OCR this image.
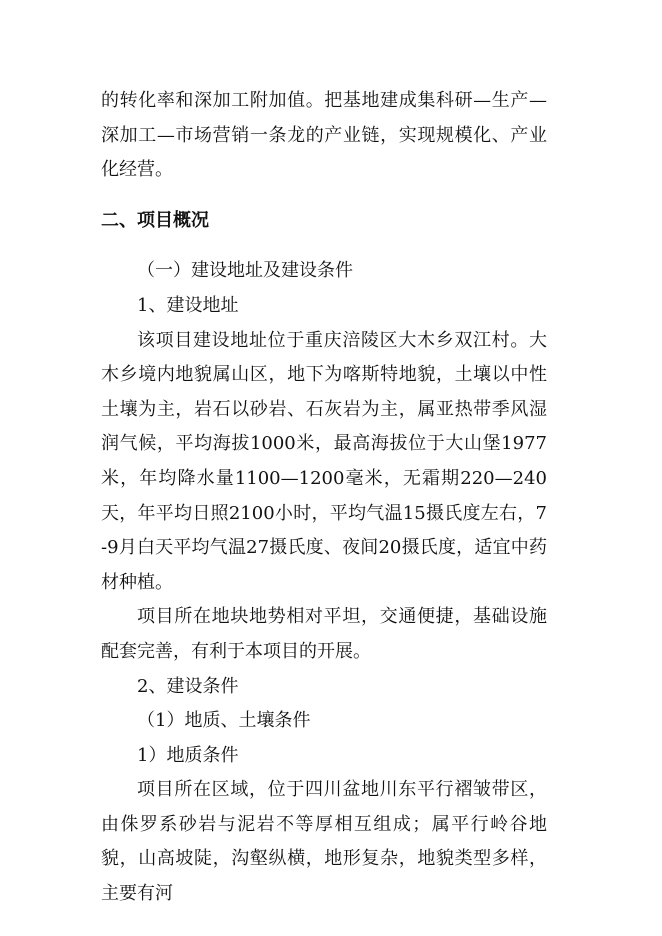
的转化率和深加工附加值。把基地建成集科研—生产—深加工—市场营销一条龙的产业链，实现规模化、产业化经营。

二、项目概况

（一）建设地址及建设条件

1、建设地址

该项目建设地址位于重庆涪陵区大木乡双江村。大木乡境内地貌属山区，地下为喀斯特地貌，土壤以中性土壤为主，岩石以砂岩、石灰岩为主，属亚热带季风湿润气候，平均海拔1000米，最高海拔位于大山堡1977米，年均降水量1100—1200毫米，无霜期220—240天，年平均日照2100小时，平均气温15摄氏度左右，7-9月白天平均气温27摄氏度、夜间20摄氏度，适宜中药材种植。

项目所在地块地势相对平坦，交通便捷，基础设施配套完善，有利于本项目的开展。

2、建设条件

（1）地质、土壤条件

1）地质条件

项目所在区域，位于四川盆地川东平行褶皱带区，由侏罗系砂岩与泥岩不等厚相互组成；属平行岭谷地貌，山高坡陡，沟壑纵横，地形复杂，地貌类型多样，主要有河
